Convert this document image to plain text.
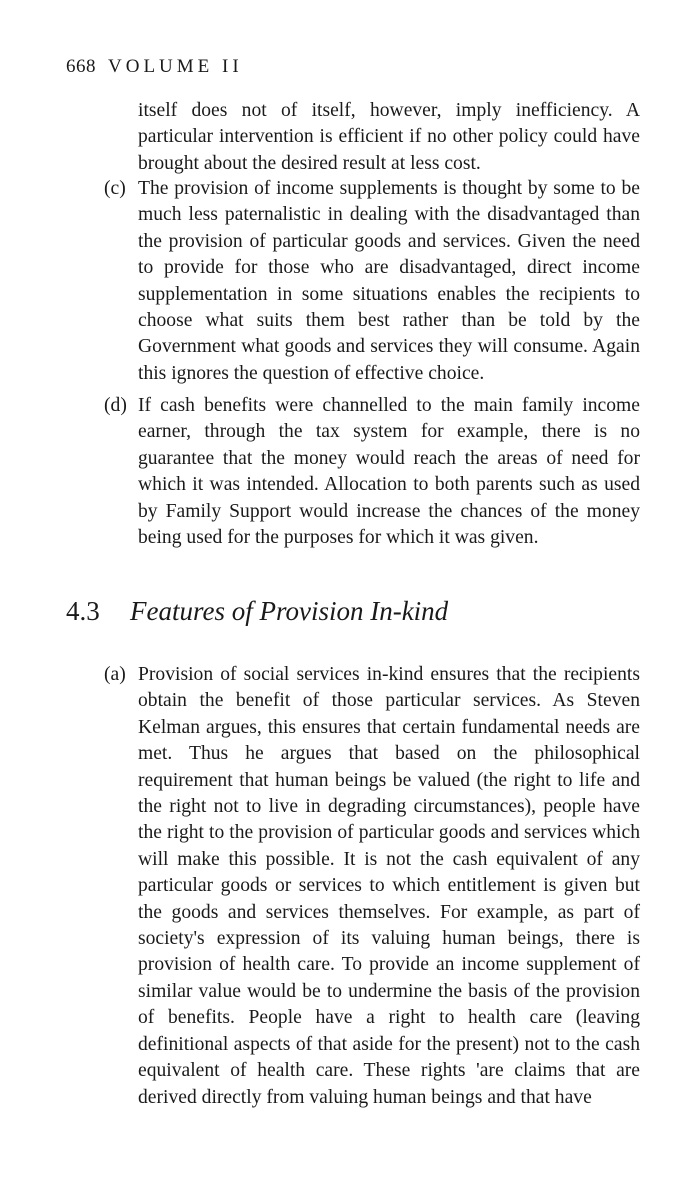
668 VOLUME II

itself does not of itself, however, imply inefficiency. A particular intervention is efficient if no other policy could have brought about the desired result at less cost.

(c) The provision of income supplements is thought by some to be much less paternalistic in dealing with the disadvantaged than the provision of particular goods and services. Given the need to provide for those who are disadvantaged, direct income supplementation in some situations enables the recipients to choose what suits them best rather than be told by the Government what goods and services they will consume. Again this ignores the question of effective choice.

(d) If cash benefits were channelled to the main family income earner, through the tax system for example, there is no guarantee that the money would reach the areas of need for which it was intended. Allocation to both parents such as used by Family Support would increase the chances of the money being used for the purposes for which it was given.

4.3 Features of Provision In-kind

(a) Provision of social services in-kind ensures that the recipients obtain the benefit of those particular services. As Steven Kelman argues, this ensures that certain fundamental needs are met. Thus he argues that based on the philosophical requirement that human beings be valued (the right to life and the right not to live in degrading circumstances), people have the right to the provision of particular goods and services which will make this possible. It is not the cash equivalent of any particular goods or services to which entitlement is given but the goods and services themselves. For example, as part of society's expression of its valuing human beings, there is provision of health care. To provide an income supplement of similar value would be to undermine the basis of the provision of benefits. People have a right to health care (leaving definitional aspects of that aside for the present) not to the cash equivalent of health care. These rights 'are claims that are derived directly from valuing human beings and that have
